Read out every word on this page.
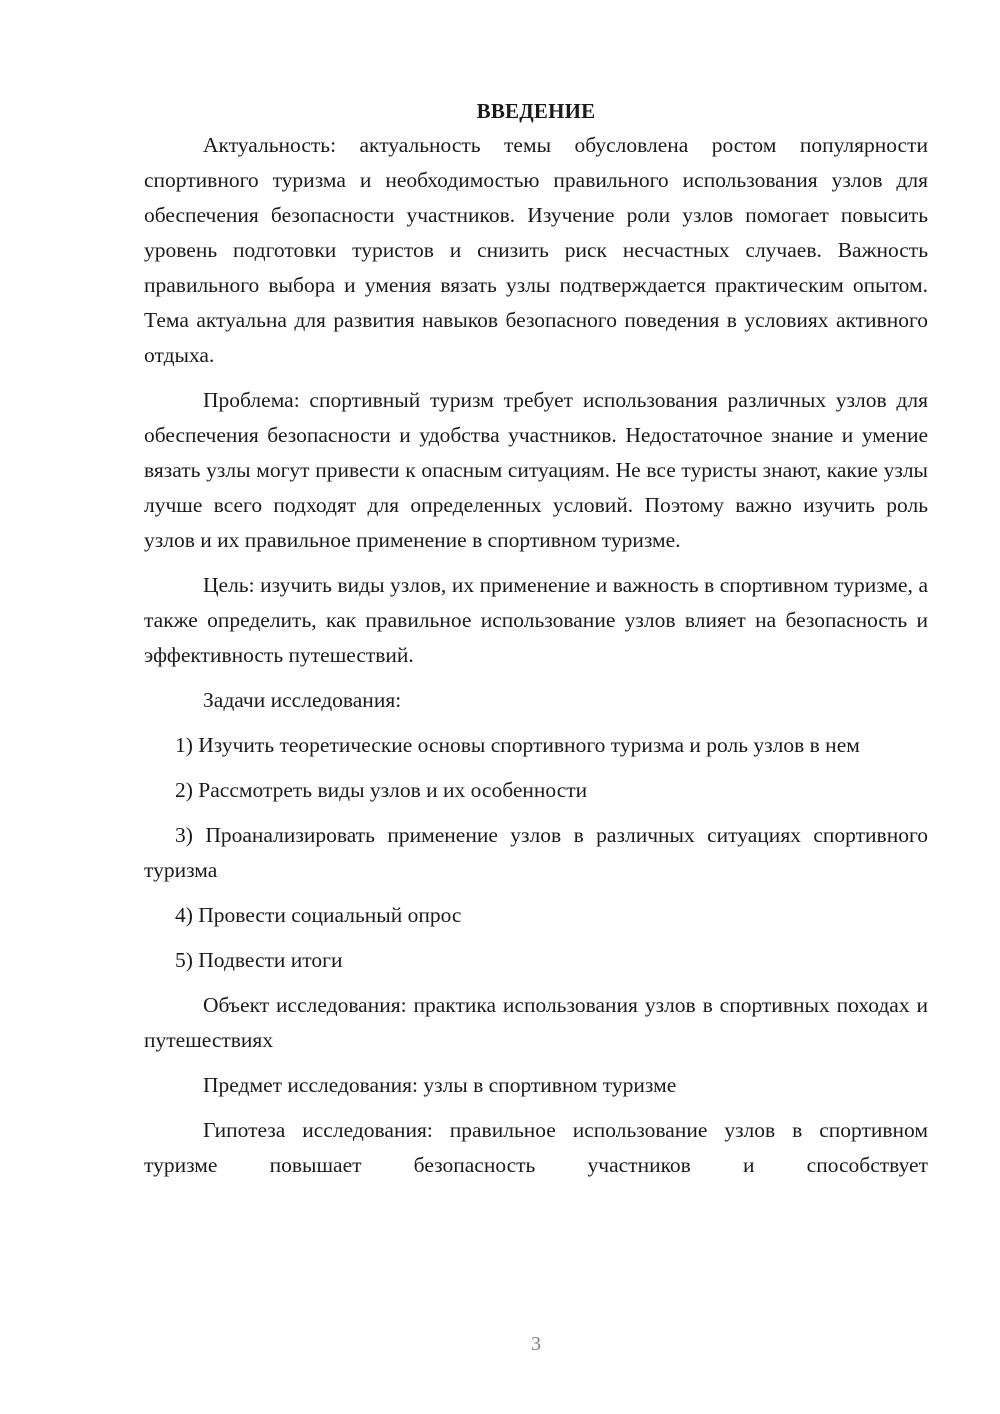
ВВЕДЕНИЕ

Актуальность: актуальность темы обусловлена ростом популярности спортивного туризма и необходимостью правильного использования узлов для обеспечения безопасности участников. Изучение роли узлов помогает повысить уровень подготовки туристов и снизить риск несчастных случаев. Важность правильного выбора и умения вязать узлы подтверждается практическим опытом. Тема актуальна для развития навыков безопасного поведения в условиях активного отдыха.

Проблема: спортивный туризм требует использования различных узлов для обеспечения безопасности и удобства участников. Недостаточное знание и умение вязать узлы могут привести к опасным ситуациям. Не все туристы знают, какие узлы лучше всего подходят для определенных условий. Поэтому важно изучить роль узлов и их правильное применение в спортивном туризме.

Цель: изучить виды узлов, их применение и важность в спортивном туризме, а также определить, как правильное использование узлов влияет на безопасность и эффективность путешествий.

Задачи исследования:

1) Изучить теоретические основы спортивного туризма и роль узлов в нем

2) Рассмотреть виды узлов и их особенности

3) Проанализировать применение узлов в различных ситуациях спортивного туризма

4) Провести социальный опрос

5) Подвести итоги

Объект исследования: практика использования узлов в спортивных походах и путешествиях

Предмет исследования: узлы в спортивном туризме

Гипотеза исследования: правильное использование узлов в спортивном туризме повышает безопасность участников и способствует

3
